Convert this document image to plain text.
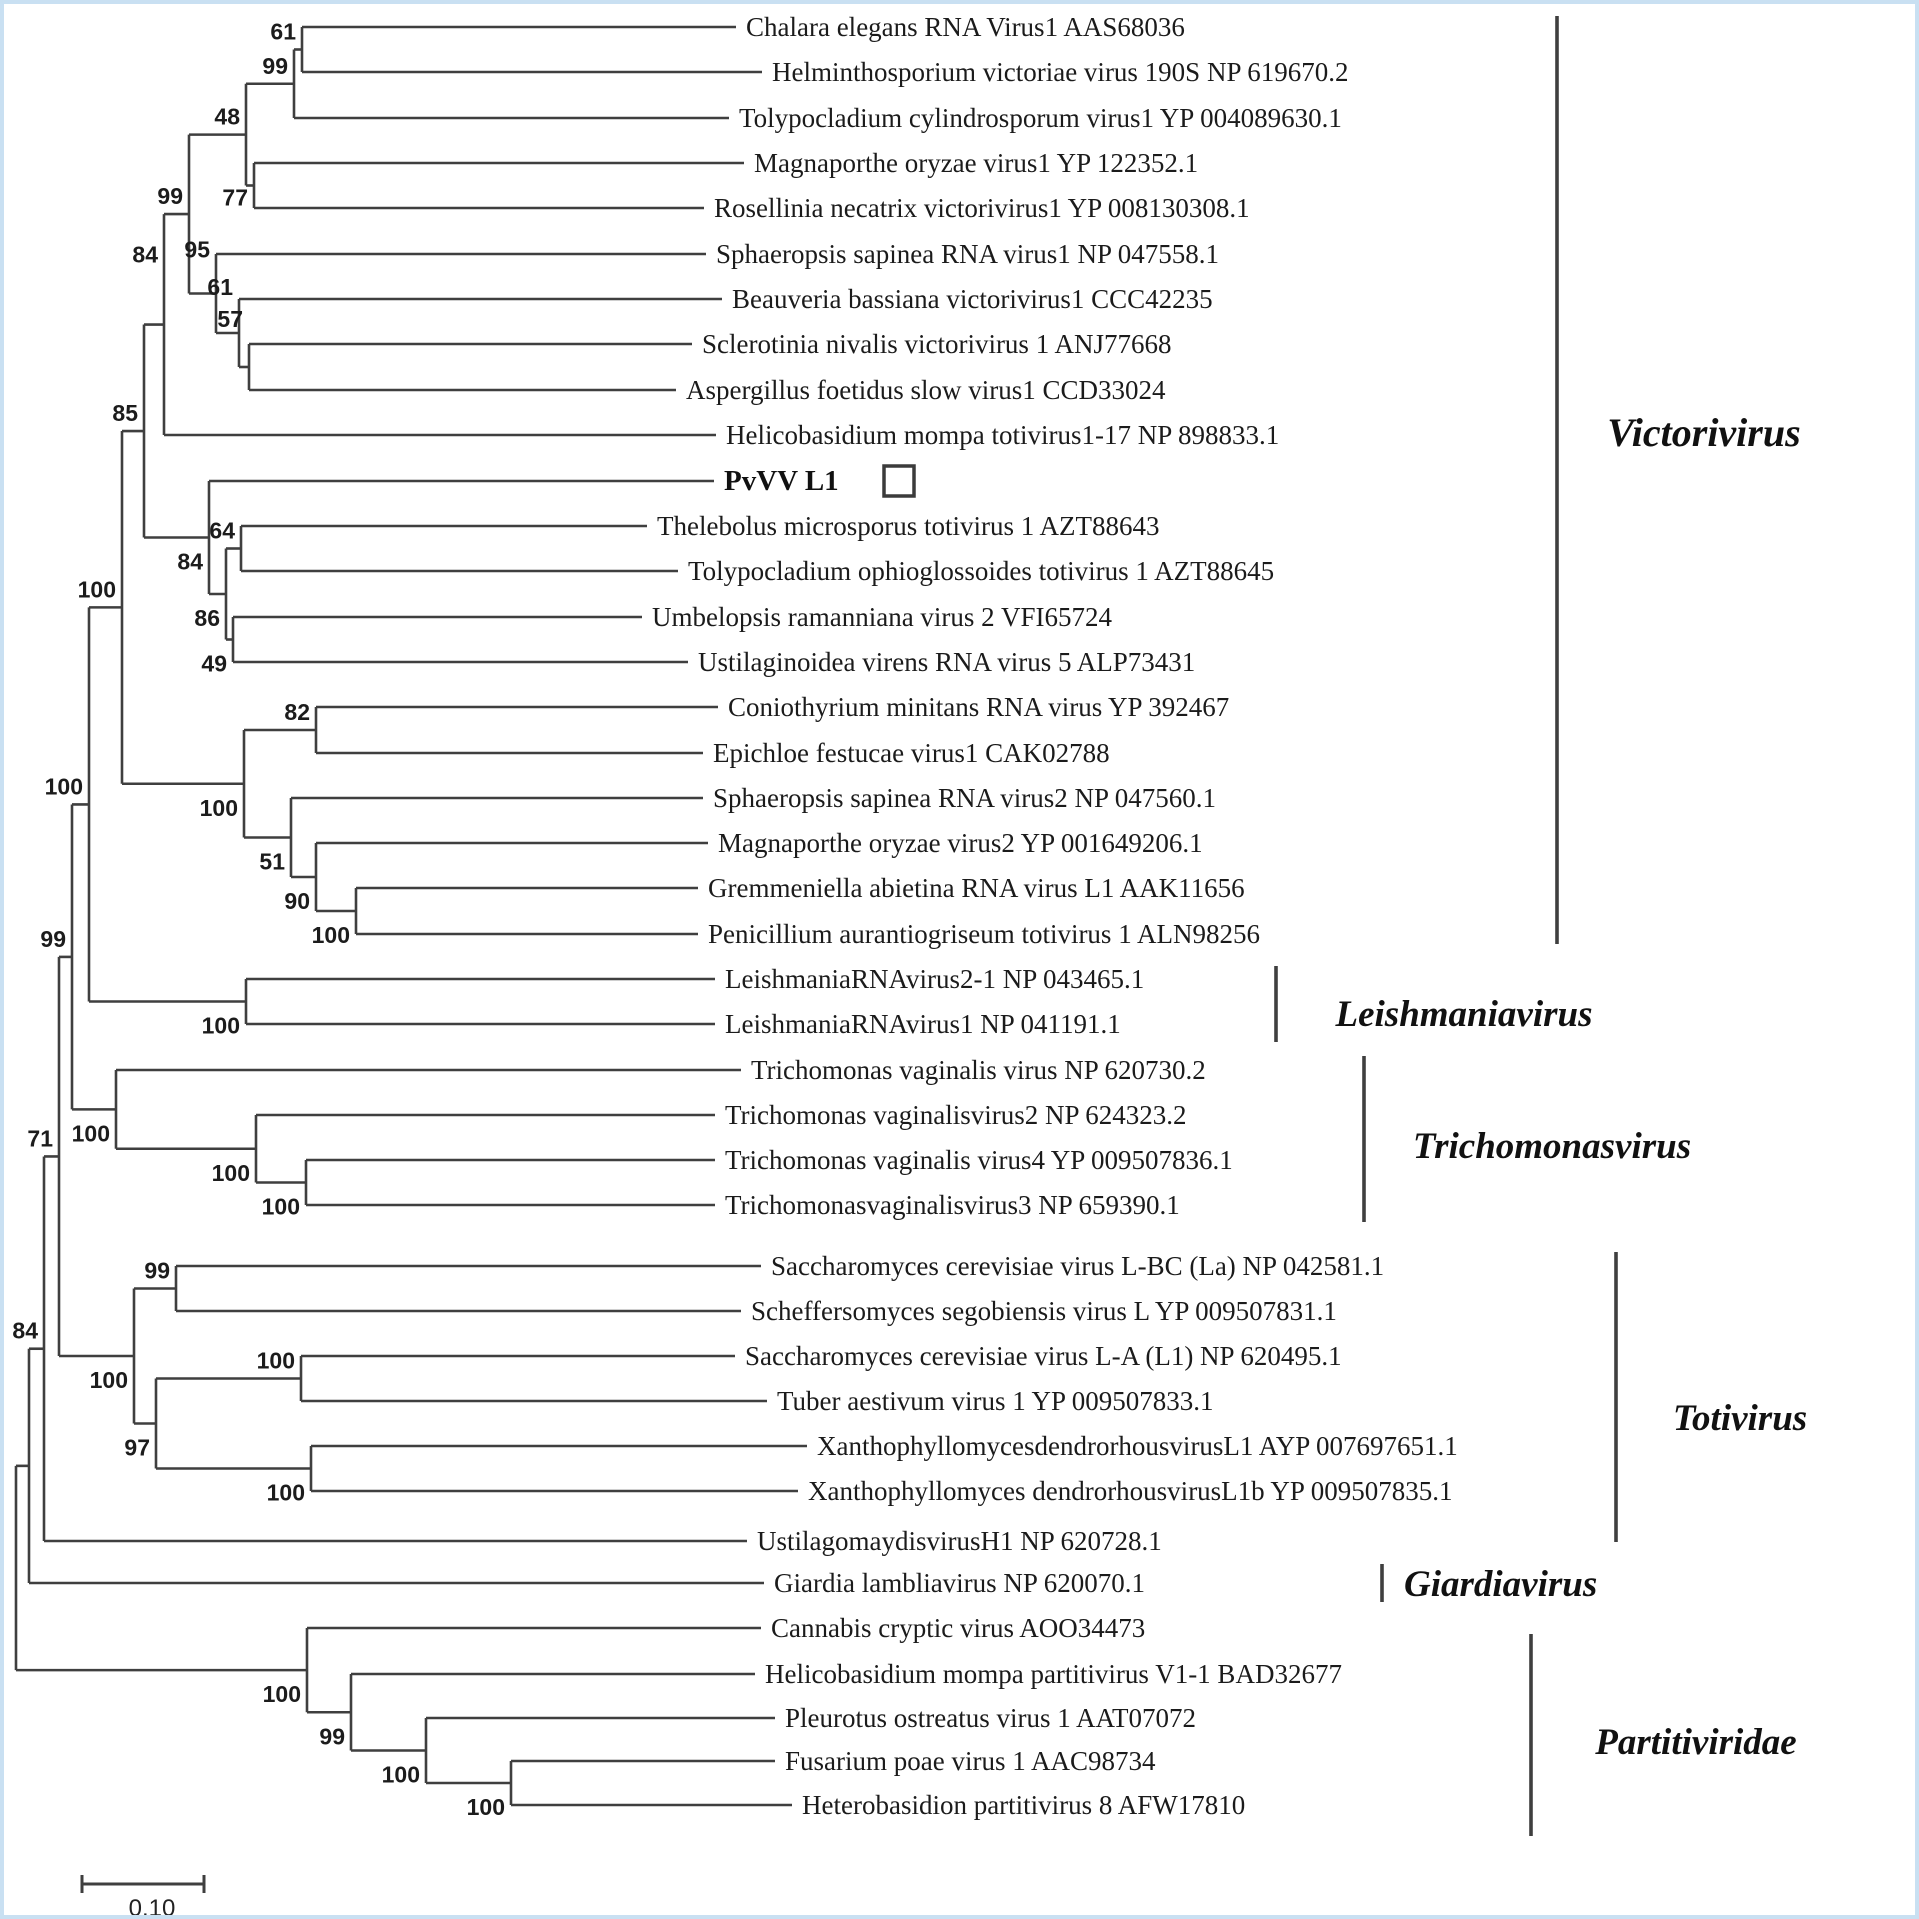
Chalara elegans RNA Virus1 AAS68036
Helminthosporium victoriae virus 190S NP 619670.2
61
Tolypocladium cylindrosporum virus1 YP 004089630.1
99
Magnaporthe oryzae virus1 YP 122352.1
Rosellinia necatrix victorivirus1 YP 008130308.1
77
48
Sphaeropsis sapinea RNA virus1 NP 047558.1
Beauveria bassiana victorivirus1 CCC42235
Sclerotinia nivalis victorivirus 1 ANJ77668
Aspergillus foetidus slow virus1 CCD33024
57
61
95
99
Helicobasidium mompa totivirus1-17 NP 898833.1
84
PvVV L1
Thelebolus microsporus totivirus 1 AZT88643
Tolypocladium ophioglossoides totivirus 1 AZT88645
64
Umbelopsis ramanniana virus 2 VFI65724
Ustilaginoidea virens RNA virus 5 ALP73431
49
86
84
85
Coniothyrium minitans RNA virus YP 392467
Epichloe festucae virus1 CAK02788
82
Sphaeropsis sapinea RNA virus2 NP 047560.1
Magnaporthe oryzae virus2 YP 001649206.1
Gremmeniella abietina RNA virus L1 AAK11656
Penicillium aurantiogriseum totivirus 1 ALN98256
100
90
51
100
100
LeishmaniaRNAvirus2-1 NP 043465.1
LeishmaniaRNAvirus1 NP 041191.1
100
100
Trichomonas vaginalis virus NP 620730.2
Trichomonas vaginalisvirus2 NP 624323.2
Trichomonas vaginalis virus4 YP 009507836.1
Trichomonasvaginalisvirus3 NP 659390.1
100
100
100
99
Saccharomyces cerevisiae virus L-BC (La) NP 042581.1
Scheffersomyces segobiensis virus L YP 009507831.1
99
Saccharomyces cerevisiae virus L-A (L1) NP 620495.1
Tuber aestivum virus 1 YP 009507833.1
100
XanthophyllomycesdendrorhousvirusL1 AYP 007697651.1
Xanthophyllomyces dendrorhousvirusL1b YP 009507835.1
100
97
100
71
UstilagomaydisvirusH1 NP 620728.1
84
Giardia lambliavirus NP 620070.1
Cannabis cryptic virus AOO34473
Helicobasidium mompa partitivirus V1-1 BAD32677
Pleurotus ostreatus virus 1 AAT07072
Fusarium poae virus 1 AAC98734
Heterobasidion partitivirus 8 AFW17810
100
100
99
100
Victorivirus
Leishmaniavirus
Trichomonasvirus
Totivirus
Giardiavirus
Partitiviridae
0.10
